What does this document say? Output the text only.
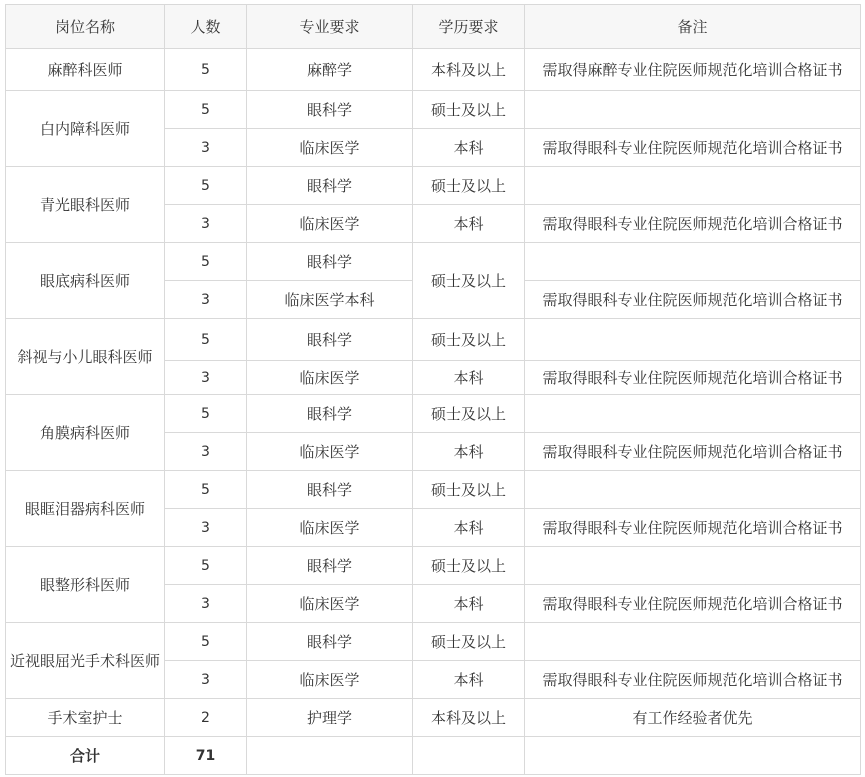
岗位名称	人数	专业要求	学历要求	备注
麻醉科医师	5	麻醉学	本科及以上	需取得麻醉专业住院医师规范化培训合格证书
白内障科医师	5	眼科学	硕士及以上	
	3	临床医学	本科	需取得眼科专业住院医师规范化培训合格证书
青光眼科医师	5	眼科学	硕士及以上	
	3	临床医学	本科	需取得眼科专业住院医师规范化培训合格证书
眼底病科医师	5	眼科学	硕士及以上	
	3	临床医学本科		需取得眼科专业住院医师规范化培训合格证书
斜视与小儿眼科医师	5	眼科学	硕士及以上	
	3	临床医学	本科	需取得眼科专业住院医师规范化培训合格证书
角膜病科医师	5	眼科学	硕士及以上	
	3	临床医学	本科	需取得眼科专业住院医师规范化培训合格证书
眼眶泪器病科医师	5	眼科学	硕士及以上	
	3	临床医学	本科	需取得眼科专业住院医师规范化培训合格证书
眼整形科医师	5	眼科学	硕士及以上	
	3	临床医学	本科	需取得眼科专业住院医师规范化培训合格证书
近视眼屈光手术科医师	5	眼科学	硕士及以上	
	3	临床医学	本科	需取得眼科专业住院医师规范化培训合格证书
手术室护士	2	护理学	本科及以上	有工作经验者优先
合计	71			
